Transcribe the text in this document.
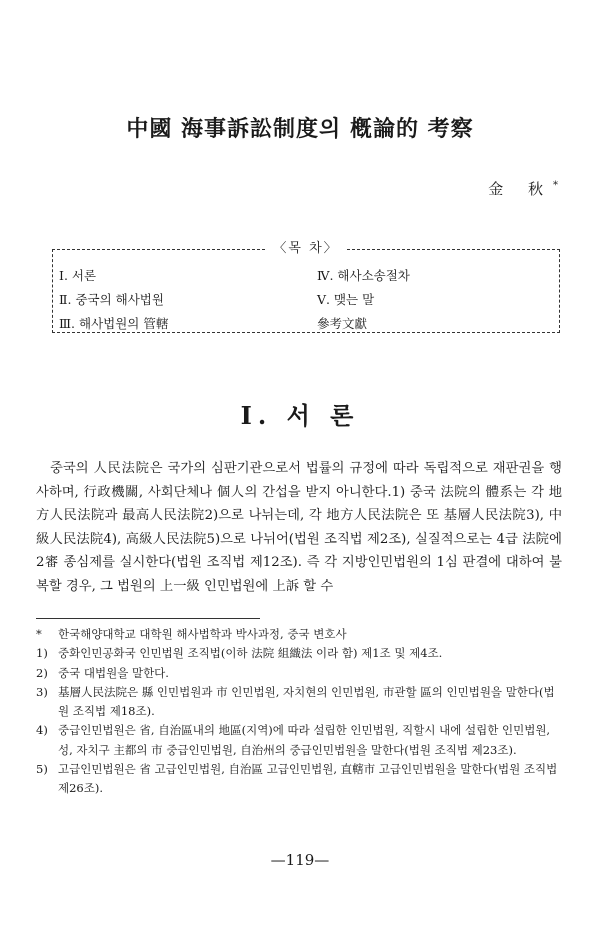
中國 海事訴訟制度의 槪論的 考察
金 秋*
〈목 차〉
Ⅰ. 서론
Ⅱ. 중국의 해사법원
Ⅲ. 해사법원의 管轄
Ⅳ. 해사소송절차
Ⅴ. 맺는 말
參考文獻
Ⅰ. 서 론

중국의 人民法院은 국가의 심판기관으로서 법률의 규정에 따라 독립적으로 재판권을 행사하며, 行政機關, 사회단체나 個人의 간섭을 받지 아니한다.1) 중국 法院의 體系는 각 地方人民法院과 最高人民法院2)으로 나뉘는데, 각 地方人民法院은 또 基層人民法院3), 中級人民法院4), 高級人民法院5)으로 나뉘어(법원 조직법 제2조), 실질적으로는 4급 法院에 2審 종심제를 실시한다(법원 조직법 제12조). 즉 각 지방인민법원의 1심 판결에 대하여 불복할 경우, 그 법원의 上一級 인민법원에 上訴 할 수

*	한국해양대학교 대학원 해사법학과 박사과정, 중국 변호사
1) 중화인민공화국 인민법원 조직법(이하 法院 組織法 이라 함) 제1조 및 제4조.
2) 중국 대법원을 말한다.
3) 基層人民法院은 縣 인민법원과 市 인민법원, 자치현의 인민법원, 市관할 區의 인민법원을 말한다(법원 조직법 제18조).
4) 중급인민법원은 省, 自治區내의 地區(지역)에 따라 설립한 인민법원, 직할시 내에 설립한 인민법원, 성, 자치구 主都의 市 중급인민법원, 自治州의 중급인민법원을 말한다(법원 조직법 제23조).
5) 고급인민법원은 省 고급인민법원, 自治區 고급인민법원, 直轄市 고급인민법원을 말한다(법원 조직법 제26조).
—119—
